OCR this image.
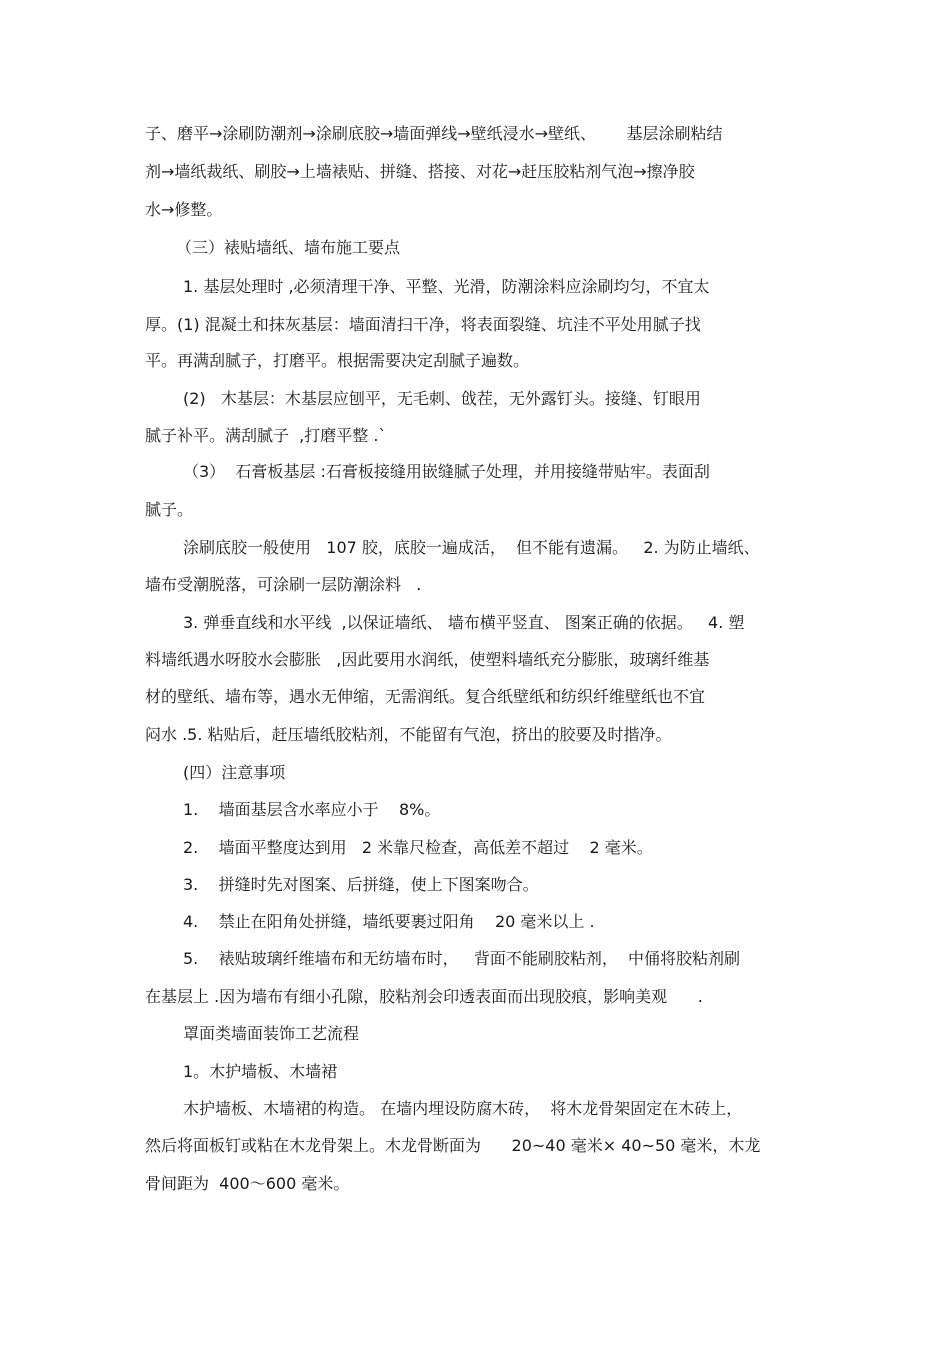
子、磨平→涂刷防潮剂→涂刷底胶→墙面弹线→壁纸浸水→壁纸、      基层涂刷粘结
剂→墙纸裁纸、刷胶→上墙裱贴、拼缝、搭接、对花→赶压胶粘剂气泡→擦净胶
水→修整。
（三）裱贴墙纸、墙布施工要点
1. 基层处理时 ,必须清理干净、平整、光滑，防潮涂料应涂刷均匀，不宜太
厚。(1) 混凝土和抹灰基层：墙面清扫干净，将表面裂缝、坑洼不平处用腻子找
平。再满刮腻子，打磨平。根据需要决定刮腻子遍数。
(2)   木基层：木基层应刨平，无毛刺、戗茬，无外露钉头。接缝、钉眼用
腻子补平。满刮腻子  ,打磨平整 .`
（3）  石膏板基层 :石膏板接缝用嵌缝腻子处理，并用接缝带贴牢。表面刮
腻子。
涂刷底胶一般使用   107 胶，底胶一遍成活，  但不能有遗漏。   2. 为防止墙纸、
墙布受潮脱落，可涂刷一层防潮涂料   .
3. 弹垂直线和水平线  ,以保证墙纸、 墙布横平竖直、 图案正确的依据。   4. 塑
料墙纸遇水呀胶水会膨胀   ,因此要用水润纸，使塑料墙纸充分膨胀，玻璃纤维基
材的壁纸、墙布等，遇水无伸缩，无需润纸。复合纸壁纸和纺织纤维壁纸也不宜
闷水 .5. 粘贴后，赶压墙纸胶粘剂，不能留有气泡，挤出的胶要及时揩净。
(四）注意事项
1.    墙面基层含水率应小于    8%。
2.    墙面平整度达到用   2 米靠尺检查，高低差不超过    2 毫米。
3.    拼缝时先对图案、后拼缝，使上下图案吻合。
4.    禁止在阳角处拼缝，墙纸要裹过阳角    20 毫米以上 .
5.    裱贴玻璃纤维墙布和无纺墙布时，   背面不能刷胶粘剂，  中俑将胶粘剂刷
在基层上 .因为墙布有细小孔隙，胶粘剂会印透表面而出现胶痕，影响美观      .
罩面类墙面装饰工艺流程
1。木护墙板、木墙裙
木护墙板、木墙裙的构造。 在墙内埋设防腐木砖，  将木龙骨架固定在木砖上，
然后将面板钉或粘在木龙骨架上。木龙骨断面为      20~40 毫米× 40~50 毫米，木龙
骨间距为  400～600 毫米。
